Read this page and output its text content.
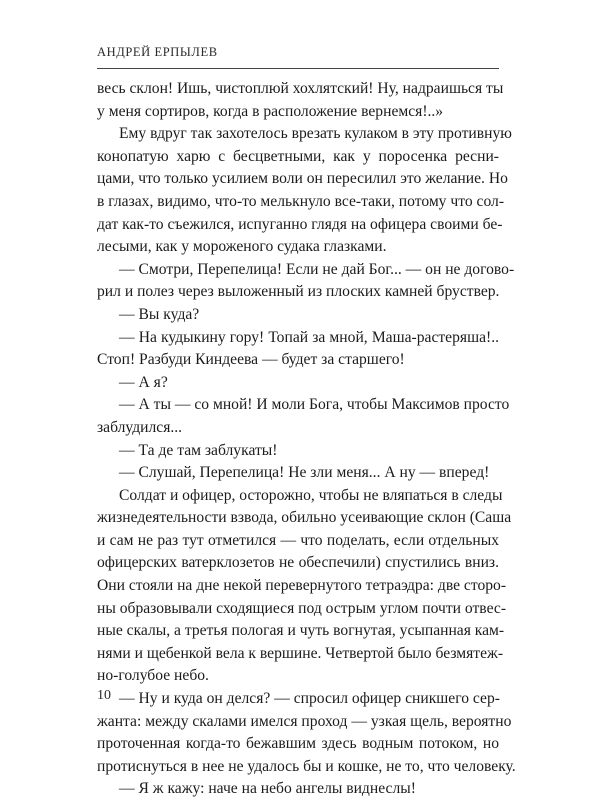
АНДРЕЙ ЕРПЫЛЕВ
весь склон! Ишь, чистоплюй хохлятский! Ну, надраишься ты
у меня сортиров, когда в расположение вернемся!..»
Ему вдруг так захотелось врезать кулаком в эту противную
конопатую харю с бесцветными, как у поросенка ресни-
цами, что только усилием воли он пересилил это желание. Но
в глазах, видимо, что-то мелькнуло все-таки, потому что сол-
дат как-то съежился, испуганно глядя на офицера своими бе-
лесыми, как у мороженого судака глазками.
— Смотри, Перепелица! Если не дай Бог... — он не догово-
рил и полез через выложенный из плоских камней бруствер.
— Вы куда?
— На кудыкину гору! Топай за мной, Маша-растеряша!..
Стоп! Разбуди Киндеева — будет за старшего!
— А я?
— А ты — со мной! И моли Бога, чтобы Максимов просто
заблудился...
— Та де там заблукаты!
— Слушай, Перепелица! Не зли меня... А ну — вперед!
Солдат и офицер, осторожно, чтобы не вляпаться в следы
жизнедеятельности взвода, обильно усеивающие склон (Саша
и сам не раз тут отметился — что поделать, если отдельных
офицерских ватерклозетов не обеспечили) спустились вниз.
Они стояли на дне некой перевернутого тетраэдра: две сторо-
ны образовывали сходящиеся под острым углом почти отвес-
ные скалы, а третья пологая и чуть вогнутая, усыпанная кам-
нями и щебенкой вела к вершине. Четвертой было безмятеж-
но-голубое небо.
— Ну и куда он делся? — спросил офицер сникшего сер-
жанта: между скалами имелся проход — узкая щель, вероятно
проточенная когда-то бежавшим здесь водным потоком, но
протиснуться в нее не удалось бы и кошке, не то, что человеку.
— Я ж кажу: наче на небо ангелы виднеслы!
10
